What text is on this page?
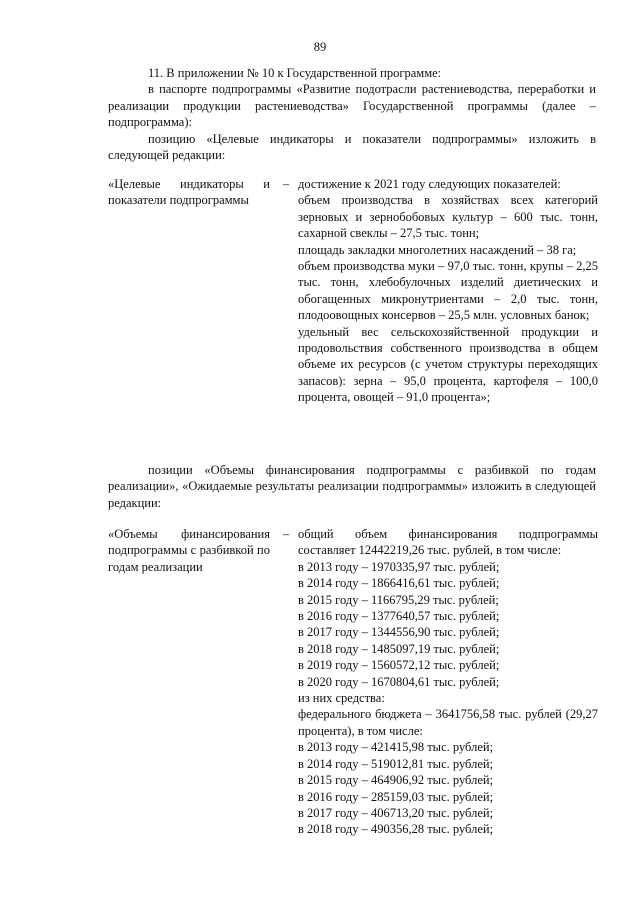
89

11. В приложении № 10 к Государственной программе:

в паспорте подпрограммы «Развитие подотрасли растениеводства, переработки и реализации продукции растениеводства» Государственной программы (далее – подпрограмма):

позицию «Целевые индикаторы и показатели подпрограммы» изложить в следующей редакции:

«Целевые индикаторы и показатели подпрограммы
– достижение к 2021 году следующих показателей:
объем производства в хозяйствах всех категорий зерновых и зернобобовых культур – 600 тыс. тонн, сахарной свеклы – 27,5 тыс. тонн;
площадь закладки многолетних насаждений – 38 га;
объем производства муки – 97,0 тыс. тонн, крупы – 2,25 тыс. тонн, хлебобулочных изделий диетических и обогащенных микронутриентами – 2,0 тыс. тонн, плодоовощных консервов – 25,5 млн. условных банок;
удельный вес сельскохозяйственной продукции и продовольствия собственного производства в общем объеме их ресурсов (с учетом структуры переходящих запасов): зерна – 95,0 процента, картофеля – 100,0 процента, овощей – 91,0 процента»;

позиции «Объемы финансирования подпрограммы с разбивкой по годам реализации», «Ожидаемые результаты реализации подпрограммы» изложить в следующей редакции:

«Объемы финансирования подпрограммы с разбивкой по годам реализации
– общий объем финансирования подпрограммы составляет 12442219,26 тыс. рублей, в том числе:
в 2013 году – 1970335,97 тыс. рублей;
в 2014 году – 1866416,61 тыс. рублей;
в 2015 году – 1166795,29 тыс. рублей;
в 2016 году – 1377640,57 тыс. рублей;
в 2017 году – 1344556,90 тыс. рублей;
в 2018 году – 1485097,19 тыс. рублей;
в 2019 году – 1560572,12 тыс. рублей;
в 2020 году – 1670804,61 тыс. рублей;
из них средства:
федерального бюджета – 3641756,58 тыс. рублей (29,27 процента), в том числе:
в 2013 году – 421415,98 тыс. рублей;
в 2014 году – 519012,81 тыс. рублей;
в 2015 году – 464906,92 тыс. рублей;
в 2016 году – 285159,03 тыс. рублей;
в 2017 году – 406713,20 тыс. рублей;
в 2018 году – 490356,28 тыс. рублей;
